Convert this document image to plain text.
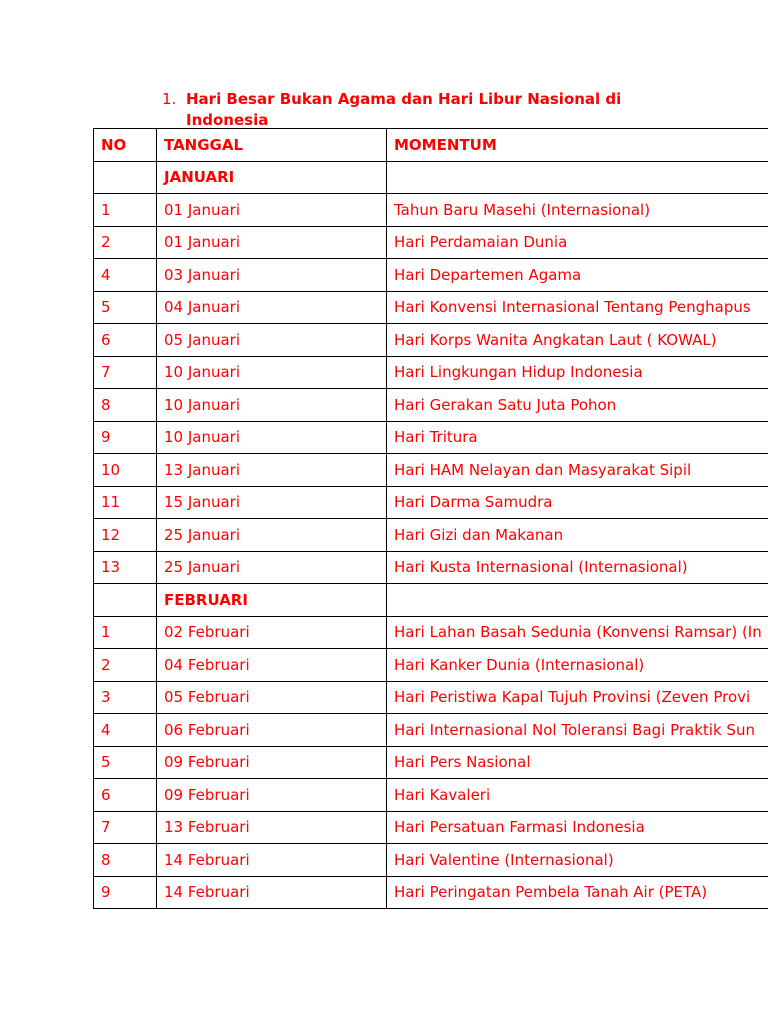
1. Hari Besar Bukan Agama dan Hari Libur Nasional di Indonesia
NO	TANGGAL	MOMENTUM
	JANUARI	
1	01 Januari	Tahun Baru Masehi (Internasional)
2	01 Januari	Hari Perdamaian Dunia
4	03 Januari	Hari Departemen Agama
5	04 Januari	Hari Konvensi Internasional Tentang Penghapus
6	05 Januari	Hari Korps Wanita Angkatan Laut ( KOWAL)
7	10 Januari	Hari Lingkungan Hidup Indonesia
8	10 Januari	Hari Gerakan Satu Juta Pohon
9	10 Januari	Hari Tritura
10	13 Januari	Hari HAM Nelayan dan Masyarakat Sipil
11	15 Januari	Hari Darma Samudra
12	25 Januari	Hari Gizi dan Makanan
13	25 Januari	Hari Kusta Internasional (Internasional)
	FEBRUARI	
1	02 Februari	Hari Lahan Basah Sedunia (Konvensi Ramsar) (In
2	04 Februari	Hari Kanker Dunia (Internasional)
3	05 Februari	Hari Peristiwa Kapal Tujuh Provinsi (Zeven Provi
4	06 Februari	Hari Internasional Nol Toleransi Bagi Praktik Sun
5	09 Februari	Hari Pers Nasional
6	09 Februari	Hari Kavaleri
7	13 Februari	Hari Persatuan Farmasi Indonesia
8	14 Februari	Hari Valentine (Internasional)
9	14 Februari	Hari Peringatan Pembela Tanah Air (PETA)
